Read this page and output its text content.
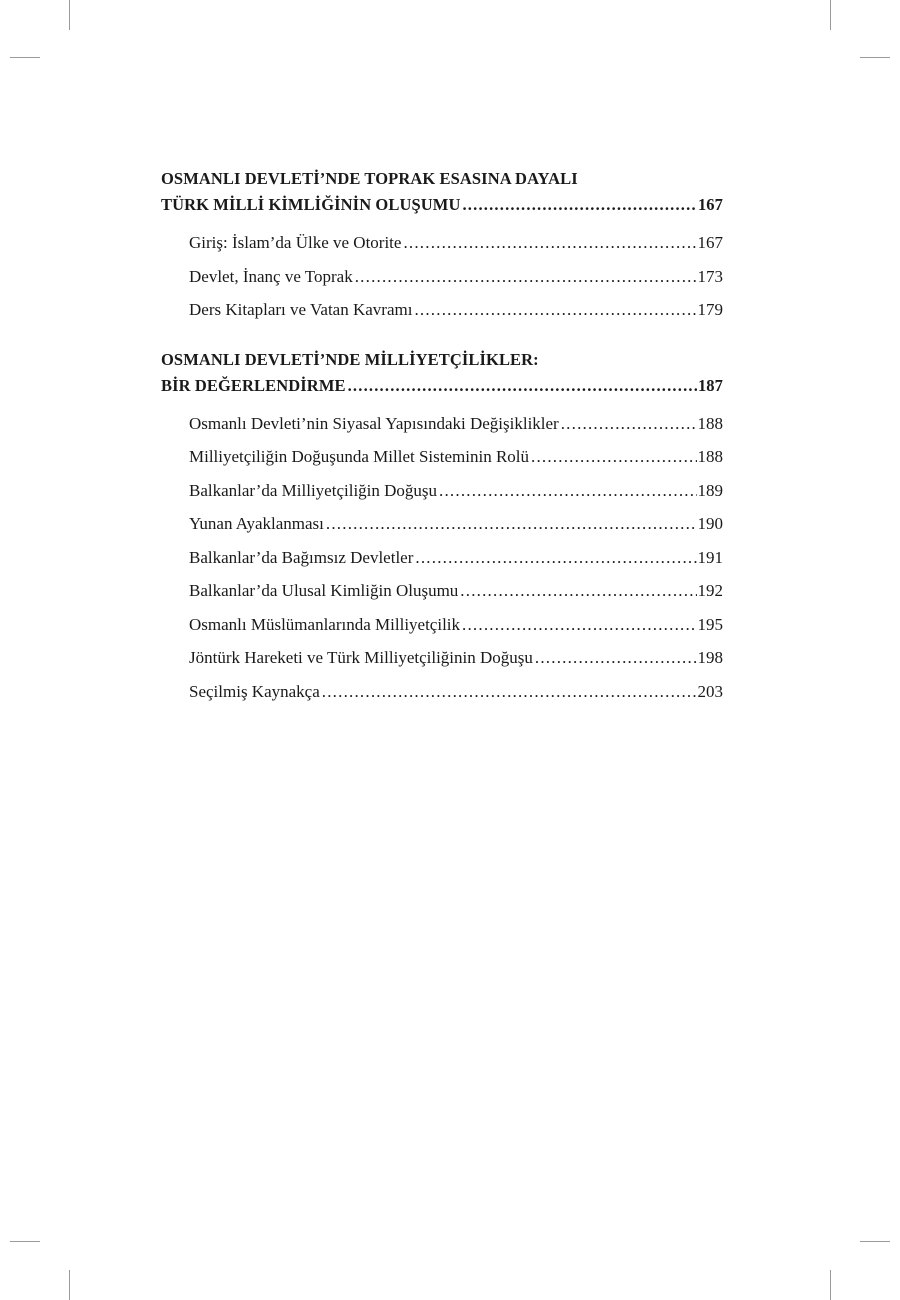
OSMANLI DEVLETİ’NDE TOPRAK ESASINA DAYALI
TÜRK MİLLİ KİMLİĞİNİN OLUŞUMU .....	167
Giriş: İslam’da Ülke ve Otorite .....	167
Devlet, İnanç ve Toprak .....	173
Ders Kitapları ve Vatan Kavramı .....	179
OSMANLI DEVLETİ’NDE MİLLİYETÇİLİKLER:
BİR DEĞERLENDİRME .....	187
Osmanlı Devleti’nin Siyasal Yapısındaki Değişiklikler .....	188
Milliyetçiliğin Doğuşunda Millet Sisteminin Rolü .....	188
Balkanlar’da Milliyetçiliğin Doğuşu .....	189
Yunan Ayaklanması .....	190
Balkanlar’da Bağımsız Devletler .....	191
Balkanlar’da Ulusal Kimliğin Oluşumu .....	192
Osmanlı Müslümanlarında Milliyetçilik .....	195
Jöntürk Hareketi ve Türk Milliyetçiliğinin Doğuşu .....	198
Seçilmiş Kaynakça .....	203
